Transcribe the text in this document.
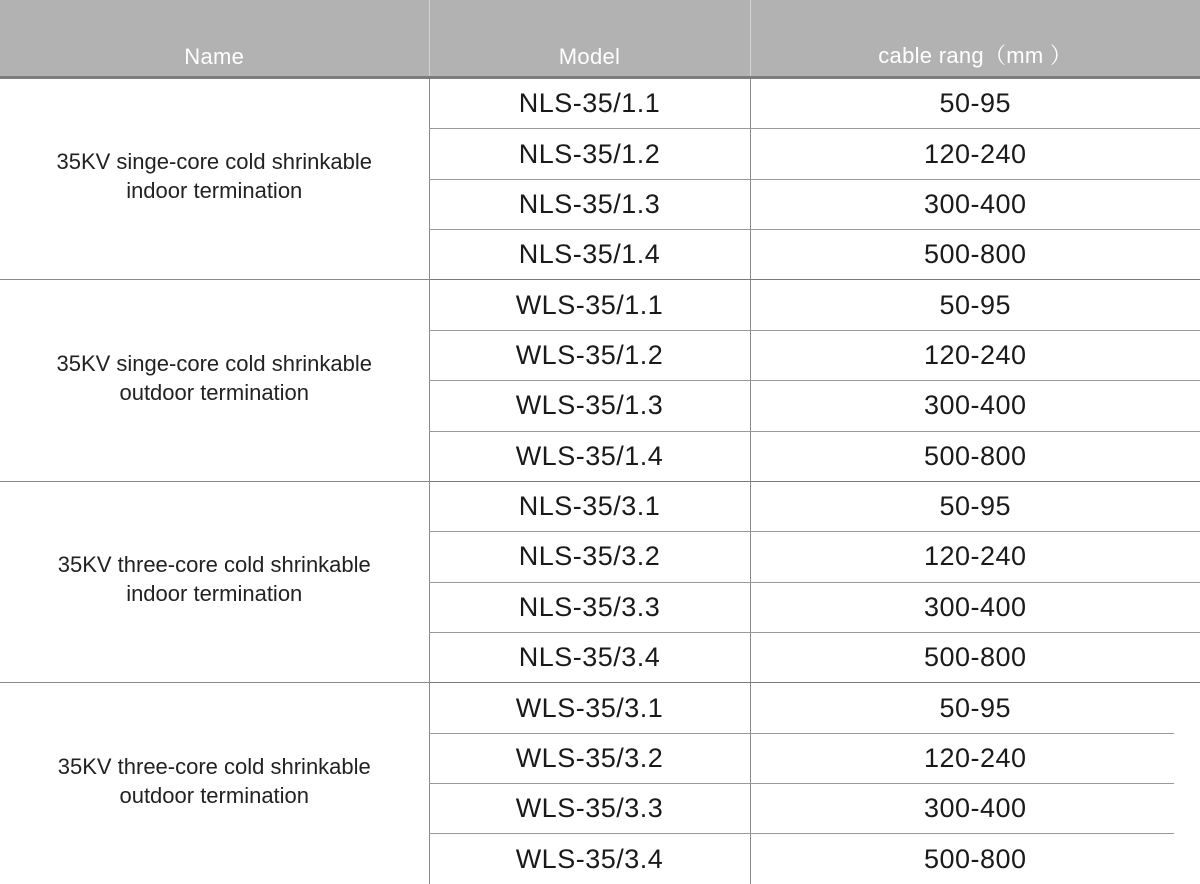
Name	Model	cable rang（mm ）

35KV singe-core cold shrinkable
indoor termination	NLS-35/1.1	50-95
	NLS-35/1.2	120-240
	NLS-35/1.3	300-400
	NLS-35/1.4	500-800

35KV singe-core cold shrinkable
outdoor termination	WLS-35/1.1	50-95
	WLS-35/1.2	120-240
	WLS-35/1.3	300-400
	WLS-35/1.4	500-800

35KV three-core cold shrinkable
indoor termination	NLS-35/3.1	50-95
	NLS-35/3.2	120-240
	NLS-35/3.3	300-400
	NLS-35/3.4	500-800

35KV three-core cold shrinkable
outdoor termination	WLS-35/3.1	50-95
	WLS-35/3.2	120-240
	WLS-35/3.3	300-400
	WLS-35/3.4	500-800
